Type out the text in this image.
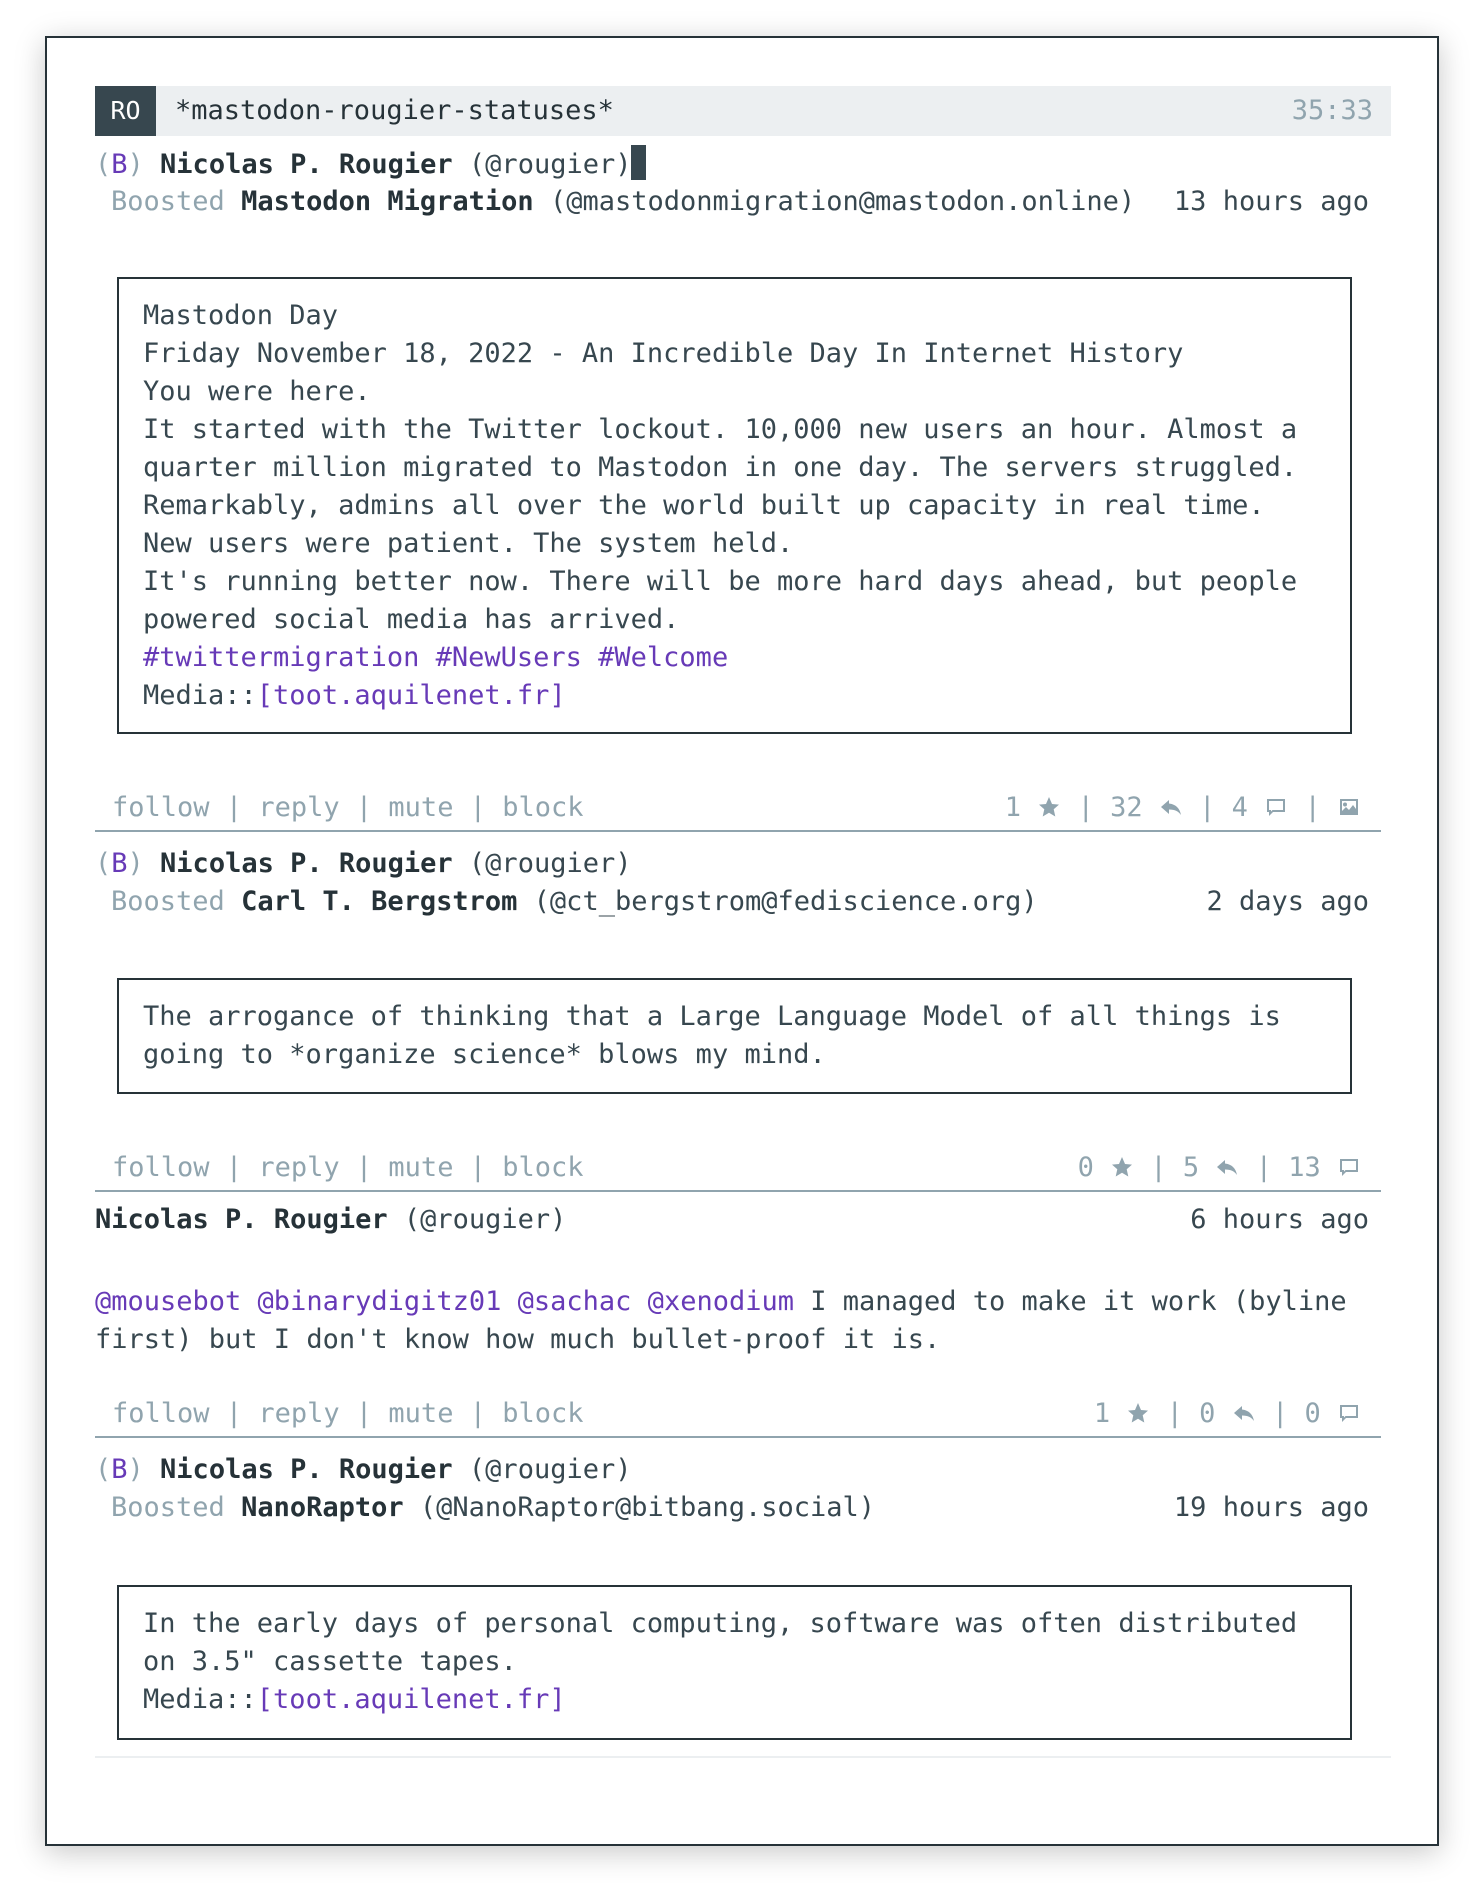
RO	*mastodon-rougier-statuses*	35:33
(B) Nicolas P. Rougier (@rougier)
Boosted Mastodon Migration (@mastodonmigration@mastodon.online) 13 hours ago
Mastodon Day
Friday November 18, 2022 - An Incredible Day In Internet History
You were here.
It started with the Twitter lockout. 10,000 new users an hour. Almost a
quarter million migrated to Mastodon in one day. The servers struggled.
Remarkably, admins all over the world built up capacity in real time.
New users were patient. The system held.
It's running better now. There will be more hard days ahead, but people
powered social media has arrived.
#twittermigration #NewUsers #Welcome
Media::[toot.aquilenet.fr]
follow | reply | mute | block	1 | 32 | 4 |
(B) Nicolas P. Rougier (@rougier)
Boosted Carl T. Bergstrom (@ct_bergstrom@fediscience.org)	2 days ago
The arrogance of thinking that a Large Language Model of all things is
going to *organize science* blows my mind.
follow | reply | mute | block	0 | 5 | 13
Nicolas P. Rougier (@rougier)	6 hours ago
@mousebot @binarydigitz01 @sachac @xenodium I managed to make it work (byline
first) but I don't know how much bullet-proof it is.
follow | reply | mute | block	1 | 0 | 0
(B) Nicolas P. Rougier (@rougier)
Boosted NanoRaptor (@NanoRaptor@bitbang.social)	19 hours ago
In the early days of personal computing, software was often distributed
on 3.5" cassette tapes.
Media::[toot.aquilenet.fr]
